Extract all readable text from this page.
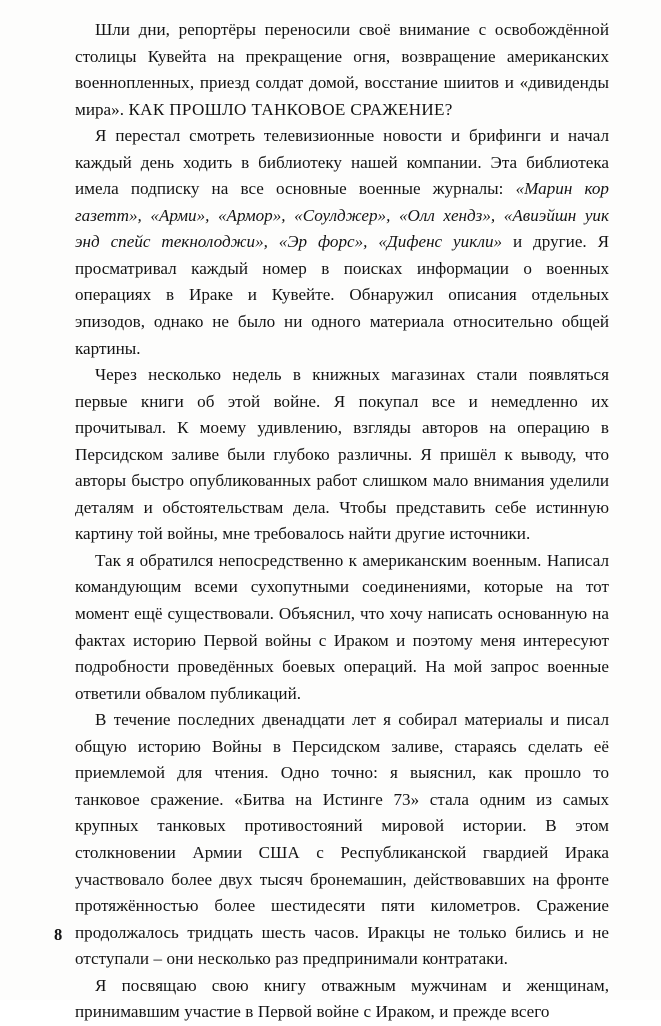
Шли дни, репортёры переносили своё внимание с освобождённой столицы Кувейта на прекращение огня, возвращение американских военнопленных, приезд солдат домой, восстание шиитов и «дивиденды мира». КАК ПРОШЛО ТАНКОВОЕ СРАЖЕНИЕ?

Я перестал смотреть телевизионные новости и брифинги и начал каждый день ходить в библиотеку нашей компании. Эта библиотека имела подписку на все основные военные журналы: «Марин кор газетт», «Арми», «Армор», «Соулджер», «Олл хендз», «Авиэйшн уик энд спейс текнолоджи», «Эр форс», «Дифенс уикли» и другие. Я просматривал каждый номер в поисках информации о военных операциях в Ираке и Кувейте. Обнаружил описания отдельных эпизодов, однако не было ни одного материала относительно общей картины.

Через несколько недель в книжных магазинах стали появляться первые книги об этой войне. Я покупал все и немедленно их прочитывал. К моему удивлению, взгляды авторов на операцию в Персидском заливе были глубоко различны. Я пришёл к выводу, что авторы быстро опубликованных работ слишком мало внимания уделили деталям и обстоятельствам дела. Чтобы представить себе истинную картину той войны, мне требовалось найти другие источники.

Так я обратился непосредственно к американским военным. Написал командующим всеми сухопутными соединениями, которые на тот момент ещё существовали. Объяснил, что хочу написать основанную на фактах историю Первой войны с Ираком и поэтому меня интересуют подробности проведённых боевых операций. На мой запрос военные ответили обвалом публикаций.

В течение последних двенадцати лет я собирал материалы и писал общую историю Войны в Персидском заливе, стараясь сделать её приемлемой для чтения. Одно точно: я выяснил, как прошло то танковое сражение. «Битва на Истинге 73» стала одним из самых крупных танковых противостояний мировой истории. В этом столкновении Армии США с Республиканской гвардией Ирака участвовало более двух тысяч бронемашин, действовавших на фронте протяжённостью более шестидесяти пяти километров. Сражение продолжалось тридцать шесть часов. Иракцы не только бились и не отступали – они несколько раз предпринимали контратаки.

Я посвящаю свою книгу отважным мужчинам и женщинам, принимавшим участие в Первой войне с Ираком, и прежде всего

8
